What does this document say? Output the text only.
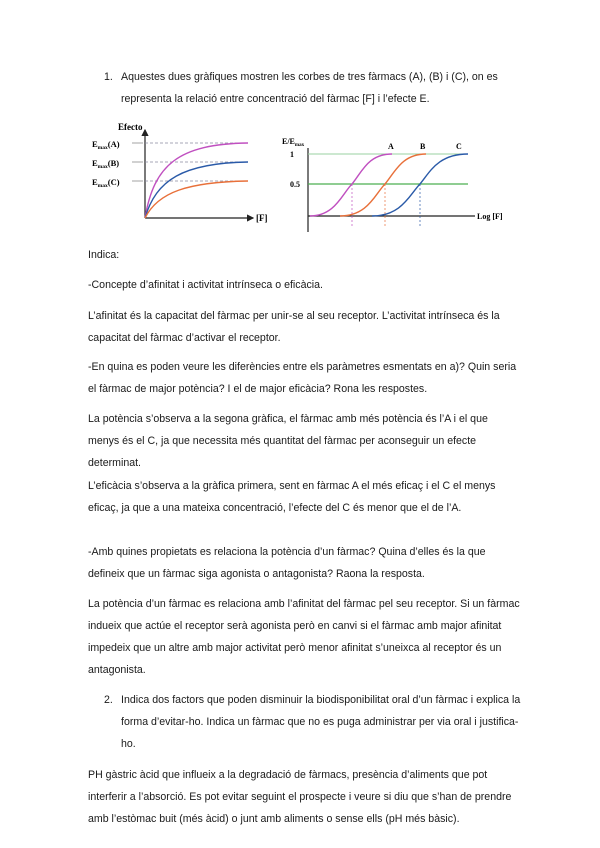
1. Aquestes dues gràfiques mostren les corbes de tres fàrmacs (A), (B) i (C), on es representa la relació entre concentració del fàrmac [F] i l’efecte E.

Efecto
[F]
$E_{max}(A)$
$E_{max}(B)$
$E_{max}(C)$
$E/E_{max}$
Log [F]
1
0.5
A	B	C

Indica:

-Concepte d’afinitat i activitat intrínseca o eficàcia.

L’afinitat és la capacitat del fàrmac per unir-se al seu receptor. L’activitat intrínseca és la capacitat del fàrmac d’activar el receptor.

-En quina es poden veure les diferències entre els paràmetres esmentats en a)? Quin seria el fàrmac de major potència? I el de major eficàcia? Rona les respostes.

La potència s’observa a la segona gràfica, el fàrmac amb més potència és l’A i el que menys és el C, ja que necessita més quantitat del fàrmac per aconseguir un efecte determinat.

L’eficàcia s’observa a la gràfica primera, sent en fàrmac A el més eficaç i el C el menys eficaç, ja que a una mateixa concentració, l’efecte del C és menor que el de l’A.

-Amb quines propietats es relaciona la potència d’un fàrmac? Quina d’elles és la que defineix que un fàrmac siga agonista o antagonista? Raona la resposta.

La potència d’un fàrmac es relaciona amb l’afinitat del fàrmac pel seu receptor. Si un fàrmac indueix que actúe el receptor serà agonista però en canvi si el fàrmac amb major afinitat impedeix que un altre amb major activitat però menor afinitat s’uneixca al receptor és un antagonista.

2. Indica dos factors que poden disminuir la biodisponibilitat oral d’un fàrmac i explica la forma d’evitar-ho. Indica un fàrmac que no es puga administrar per via oral i justifica-ho.

PH gàstric àcid que influeix a la degradació de fàrmacs, presència d’aliments que pot interferir a l’absorció. Es pot evitar seguint el prospecte i veure si diu que s’han de prendre amb l’estòmac buit (més àcid) o junt amb aliments o sense ells (pH més bàsic).
